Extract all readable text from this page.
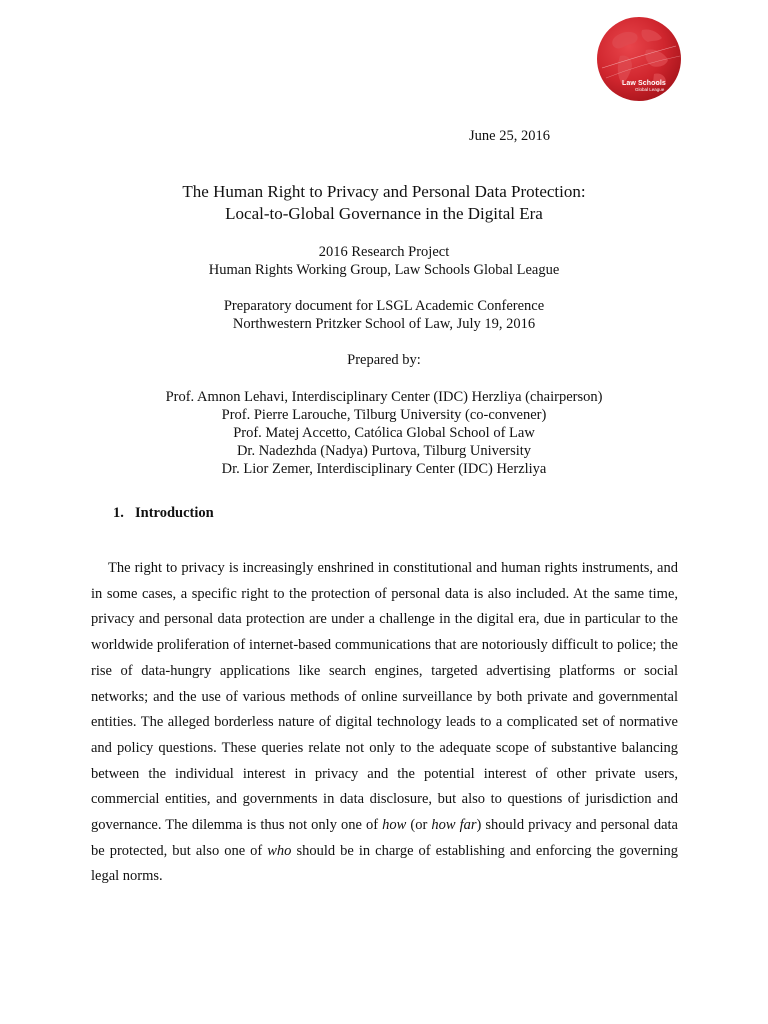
Law Schools
Global League
June 25, 2016
The Human Right to Privacy and Personal Data Protection:
Local-to-Global Governance in the Digital Era
2016 Research Project
Human Rights Working Group, Law Schools Global League
Preparatory document for LSGL Academic Conference
Northwestern Pritzker School of Law, July 19, 2016
Prepared by:
Prof. Amnon Lehavi, Interdisciplinary Center (IDC) Herzliya (chairperson)
Prof. Pierre Larouche, Tilburg University (co-convener)
Prof. Matej Accetto, Católica Global School of Law
Dr. Nadezhda (Nadya) Purtova, Tilburg University
Dr. Lior Zemer, Interdisciplinary Center (IDC) Herzliya
1. Introduction

The right to privacy is increasingly enshrined in constitutional and human rights instruments, and in some cases, a specific right to the protection of personal data is also included. At the same time, privacy and personal data protection are under a challenge in the digital era, due in particular to the worldwide proliferation of internet-based communications that are notoriously difficult to police; the rise of data-hungry applications like search engines, targeted advertising platforms or social networks; and the use of various methods of online surveillance by both private and governmental entities. The alleged borderless nature of digital technology leads to a complicated set of normative and policy questions. These queries relate not only to the adequate scope of substantive balancing between the individual interest in privacy and the potential interest of other private users, commercial entities, and governments in data disclosure, but also to questions of jurisdiction and governance. The dilemma is thus not only one of how (or how far) should privacy and personal data be protected, but also one of who should be in charge of establishing and enforcing the governing legal norms.
